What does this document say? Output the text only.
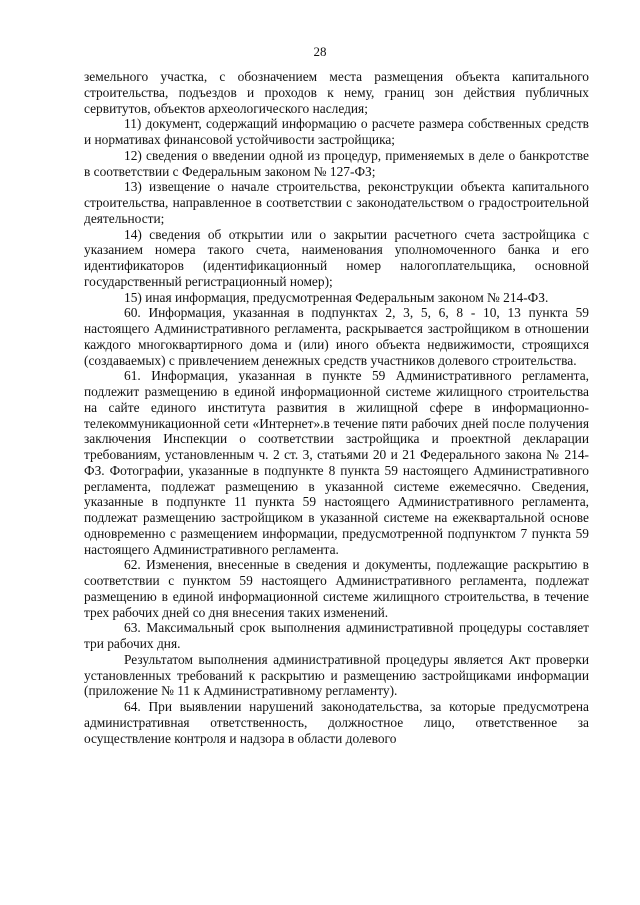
28

земельного участка, с обозначением места размещения объекта капитального строительства, подъездов и проходов к нему, границ зон действия публичных сервитутов, объектов археологического наследия;

11) документ, содержащий информацию о расчете размера собственных средств и нормативах финансовой устойчивости застройщика;

12) сведения о введении одной из процедур, применяемых в деле о банкротстве в соответствии с Федеральным законом № 127-ФЗ;

13) извещение о начале строительства, реконструкции объекта капитального строительства, направленное в соответствии с законодательством о градостроительной деятельности;

14) сведения об открытии или о закрытии расчетного счета застройщика с указанием номера такого счета, наименования уполномоченного банка и его идентификаторов (идентификационный номер налогоплательщика, основной государственный регистрационный номер);

15) иная информация, предусмотренная Федеральным законом № 214-ФЗ.

60. Информация, указанная в подпунктах 2, 3, 5, 6, 8 - 10, 13 пункта 59 настоящего Административного регламента, раскрывается застройщиком в отношении каждого многоквартирного дома и (или) иного объекта недвижимости, строящихся (создаваемых) с привлечением денежных средств участников долевого строительства.

61. Информация, указанная в пункте 59 Административного регламента, подлежит размещению в единой информационной системе жилищного строительства на сайте единого института развития в жилищной сфере в информационно-телекоммуникационной сети «Интернет».в течение пяти рабочих дней после получения заключения Инспекции о соответствии застройщика и проектной декларации требованиям, установленным ч. 2 ст. 3, статьями 20 и 21 Федерального закона № 214-ФЗ. Фотографии, указанные в подпункте 8 пункта 59 настоящего Административного регламента, подлежат размещению в указанной системе ежемесячно. Сведения, указанные в подпункте 11 пункта 59 настоящего Административного регламента, подлежат размещению застройщиком в указанной системе на ежеквартальной основе одновременно с размещением информации, предусмотренной подпунктом 7 пункта 59 настоящего Административного регламента.

62. Изменения, внесенные в сведения и документы, подлежащие раскрытию в соответствии с пунктом 59 настоящего Административного регламента, подлежат размещению в единой информационной системе жилищного строительства, в течение трех рабочих дней со дня внесения таких изменений.

63. Максимальный срок выполнения административной процедуры составляет три рабочих дня.

Результатом выполнения административной процедуры является Акт проверки установленных требований к раскрытию и размещению застройщиками информации (приложение № 11 к Административному регламенту).

64. При выявлении нарушений законодательства, за которые предусмотрена административная ответственность, должностное лицо, ответственное за осуществление контроля и надзора в области долевого
